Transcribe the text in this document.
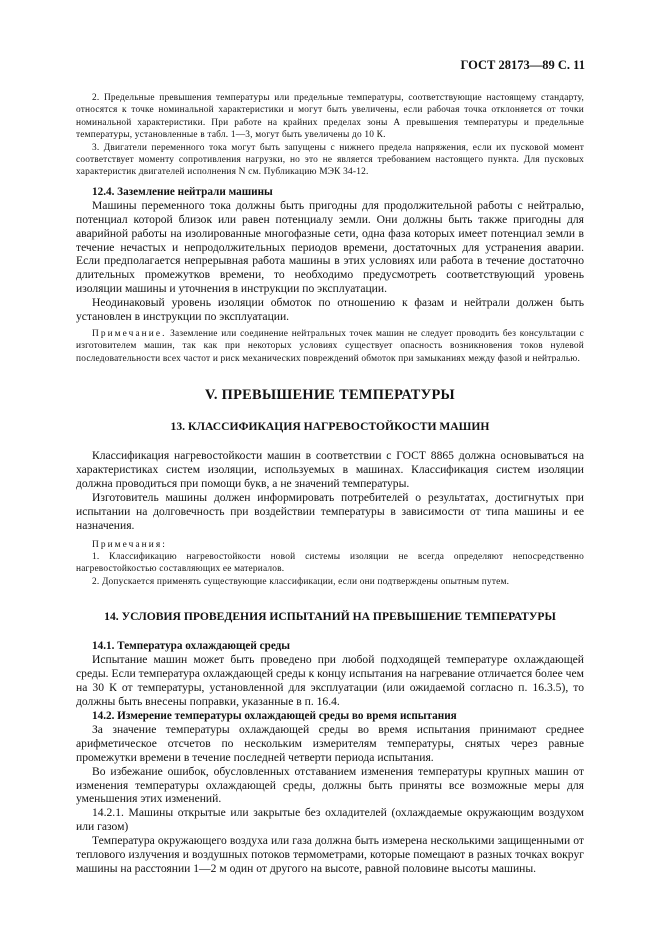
ГОСТ 28173—89 С. 11

2. Предельные превышения температуры или предельные температуры, соответствующие настоящему стандарту, относятся к точке номинальной характеристики и могут быть увеличены, если рабочая точка отклоняется от точки номинальной характеристики. При работе на крайних пределах зоны А превышения температуры и предельные температуры, установленные в табл. 1—3, могут быть увеличены до 10 К.

3. Двигатели переменного тока могут быть запущены с нижнего предела напряжения, если их пусковой момент соответствует моменту сопротивления нагрузки, но это не является требованием настоящего пункта. Для пусковых характеристик двигателей исполнения N см. Публикацию МЭК 34-12.

12.4. Заземление нейтрали машины

Машины переменного тока должны быть пригодны для продолжительной работы с нейтралью, потенциал которой близок или равен потенциалу земли. Они должны быть также пригодны для аварийной работы на изолированные многофазные сети, одна фаза которых имеет потенциал земли в течение нечастых и непродолжительных периодов времени, достаточных для устранения аварии. Если предполагается непрерывная работа машины в этих условиях или работа в течение достаточно длительных промежутков времени, то необходимо предусмотреть соответствующий уровень изоляции машины и уточнения в инструкции по эксплуатации.

Неодинаковый уровень изоляции обмоток по отношению к фазам и нейтрали должен быть установлен в инструкции по эксплуатации.

Примечание. Заземление или соединение нейтральных точек машин не следует проводить без консультации с изготовителем машин, так как при некоторых условиях существует опасность возникновения токов нулевой последовательности всех частот и риск механических повреждений обмоток при замыканиях между фазой и нейтралью.

V. ПРЕВЫШЕНИЕ ТЕМПЕРАТУРЫ

13. КЛАССИФИКАЦИЯ НАГРЕВОСТОЙКОСТИ МАШИН

Классификация нагревостойкости машин в соответствии с ГОСТ 8865 должна основываться на характеристиках систем изоляции, используемых в машинах. Классификация систем изоляции должна проводиться при помощи букв, а не значений температуры.

Изготовитель машины должен информировать потребителей о результатах, достигнутых при испытании на долговечность при воздействии температуры в зависимости от типа машины и ее назначения.

Примечания:

1. Классификацию нагревостойкости новой системы изоляции не всегда определяют непосредственно нагревостойкостью составляющих ее материалов.

2. Допускается применять существующие классификации, если они подтверждены опытным путем.

14. УСЛОВИЯ ПРОВЕДЕНИЯ ИСПЫТАНИЙ НА ПРЕВЫШЕНИЕ ТЕМПЕРАТУРЫ

14.1. Температура охлаждающей среды

Испытание машин может быть проведено при любой подходящей температуре охлаждающей среды. Если температура охлаждающей среды к концу испытания на нагревание отличается более чем на 30 К от температуры, установленной для эксплуатации (или ожидаемой согласно п. 16.3.5), то должны быть внесены поправки, указанные в п. 16.4.

14.2. Измерение температуры охлаждающей среды во время испытания

За значение температуры охлаждающей среды во время испытания принимают среднее арифметическое отсчетов по нескольким измерителям температуры, снятых через равные промежутки времени в течение последней четверти периода испытания.

Во избежание ошибок, обусловленных отставанием изменения температуры крупных машин от изменения температуры охлаждающей среды, должны быть приняты все возможные меры для уменьшения этих изменений.

14.2.1. Машины открытые или закрытые без охладителей (охлаждаемые окружающим воздухом или газом)

Температура окружающего воздуха или газа должна быть измерена несколькими защищенными от теплового излучения и воздушных потоков термометрами, которые помещают в разных точках вокруг машины на расстоянии 1—2 м один от другого на высоте, равной половине высоты машины.
